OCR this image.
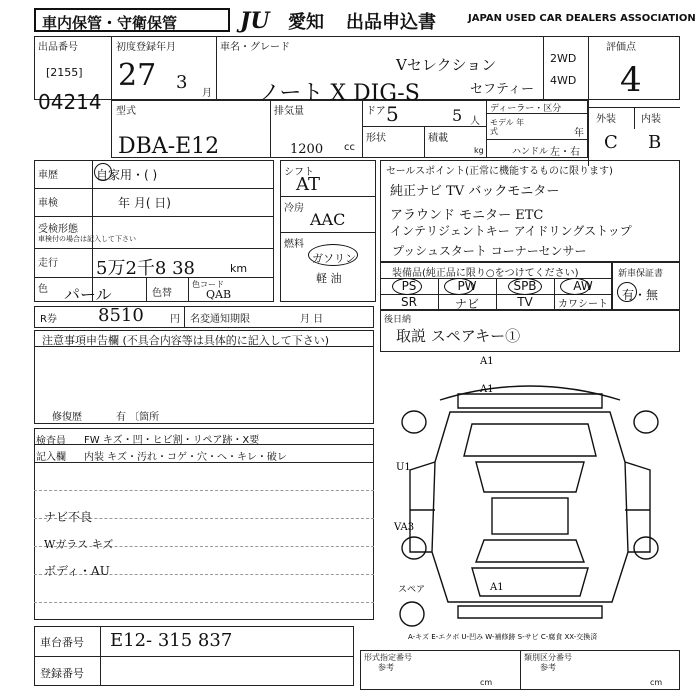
車内保管・守衛保管	JU	愛知 出品申込書	JAPAN USED CAR DEALERS ASSOCIATION
出品番号
[2155]
04214
初度登録年月
27 3
月
車名・グレード
Vセレクション
ノート X DIG-S	セフティー
2WD
4WD
評価点
4
外装	内装
C B
型式
DBA-E12
排気量
1200 cc
ドア 5	5 人
形状	積載
kg
ディーラー・区分
モデル 年式	年
ハンドル 左・右
車歴	自家用・( )
車検	年 月( 日)
受検形態
車検付の場合は記入して下さい
走行 5万2千8 38	km
色 パール	色替
色コード
QAB
シフト
AT
冷房
AAC
燃料
ガソリン
軽 油
セールスポイント(正常に機能するものに限ります)
純正ナビ TV バックモニター
アラウンド モニター ETC
インテリジェントキー アイドリングストップ
プッシュスタート コーナーセンサー
装備品(純正品に限り○をつけてください)
PS	PW	SPB	AW
SR	ナビ	TV	カワシート
新車保証書
有・無
R券 8510	円 名変通知期限	月 日
注意事項申告欄 (不具合内容等は具体的に記入して下さい)
修復歴	有 〔箇所
後日納
取説 スペアキー①
検査員
記入欄
FW キズ・凹・ヒビ割・リペア跡・X要
内装 キズ・汚れ・コゲ・穴・へ・キレ・破レ
ナビ不良
Wガラス キズ
ボディ・AU
A1
A1
U1
VA3
A1
スペア
A-キズ E-エクボ U-凹み W-補修跡 S-サビ C-腐食 XX-交換済
車台番号 E12- 315 837
登録番号
形式指定番号
参考
類別区分番号
参考
cm	cm
